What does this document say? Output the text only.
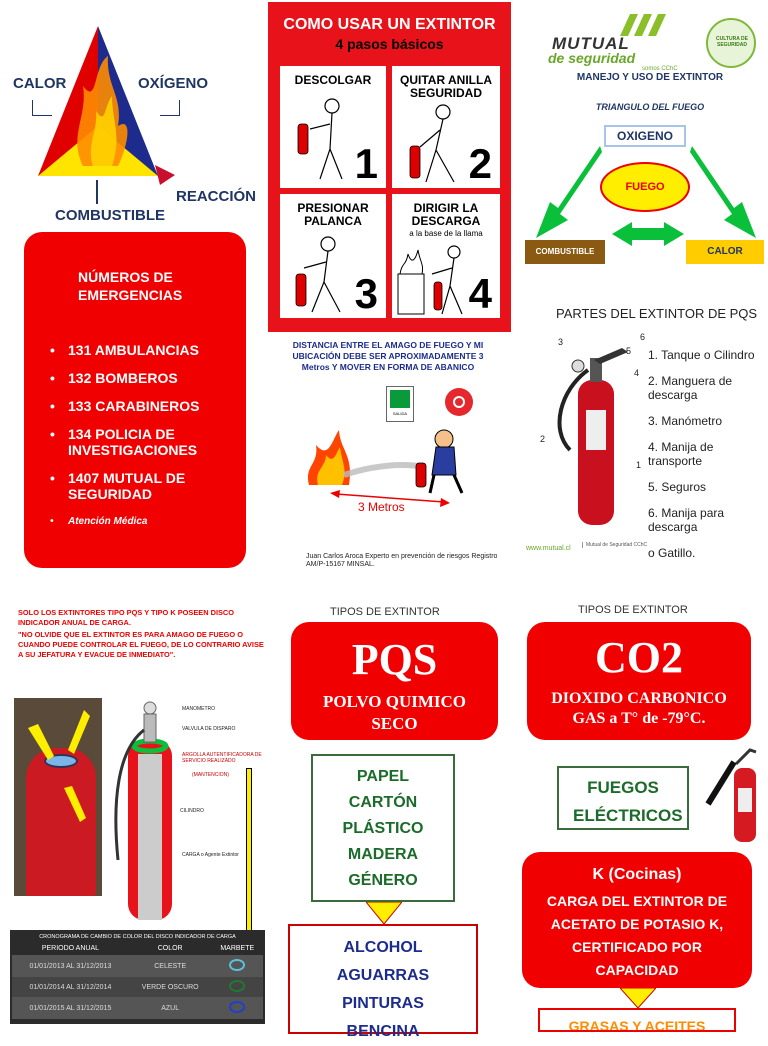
CALOR	OXÍGENO
COMBUSTIBLE
REACCIÓN
NÚMEROS DE EMERGENCIAS
• 131 AMBULANCIAS
• 132 BOMBEROS
• 133 CARABINEROS
• 134 POLICIA DE INVESTIGACIONES
• 1407 MUTUAL DE SEGURIDAD
• Atención Médica
COMO USAR UN EXTINTOR
4 pasos básicos
DESCOLGAR
1
QUITAR ANILLA SEGURIDAD
2
PRESIONAR PALANCA
3
DIRIGIR LA DESCARGA
a la base de la llama
4
DISTANCIA ENTRE EL AMAGO DE FUEGO Y MI UBICACIÓN DEBE SER APROXIMADAMENTE 3 Metros Y MOVER EN FORMA DE ABANICO
SALIDA
3 Metros
Juan Carlos Aroca Experto en prevención de riesgos Registro AM/P-15167 MINSAL.
MUTUAL
de seguridad
somos CChC
CULTURA DE SEGURIDAD
MANEJO Y USO DE EXTINTOR
TRIANGULO DEL FUEGO
OXIGENO
FUEGO
COMBUSTIBLE	CALOR
PARTES DEL EXTINTOR DE PQS
3	6
5
4
2
1
1. Tanque o Cilindro
2. Manguera de descarga
3. Manómetro
4. Manija de transporte
5. Seguros
6. Manija para descarga
o Gatillo.
www.mutual.cl	Mutual de Seguridad CChC
SOLO LOS EXTINTORES TIPO PQS Y TIPO K POSEEN DISCO INDICADOR ANUAL DE CARGA.
"NO OLVIDE QUE EL EXTINTOR ES PARA AMAGO DE FUEGO O CUANDO PUEDE CONTROLAR EL FUEGO, DE LO CONTRARIO AVISE A SU JEFATURA Y EVACUE DE INMEDIATO".
MANOMETRO
VALVULA DE DISPARO
ARGOLLA AUTENTIFICADORA DE SERVICIO REALIZADO
(MANTENCION)
CILINDRO
CARGA o Agente Extintor
CRONOGRAMA DE CAMBIO DE COLOR DEL DISCO INDICADOR DE CARGA
PERIODO ANUAL	COLOR	MARBETE
01/01/2013 AL 31/12/2013	CELESTE	
01/01/2014 AL 31/12/2014	VERDE OSCURO	
01/01/2015 AL 31/12/2015	AZUL	
TIPOS DE EXTINTOR
PQS
POLVO QUIMICO SECO
PAPEL
CARTÓN
PLÁSTICO
MADERA
GÉNERO
ALCOHOL
AGUARRAS
PINTURAS
BENCINA
TIPOS DE EXTINTOR
CO2
DIOXIDO CARBONICO GAS a T° de -79°C.
FUEGOS ELÉCTRICOS
K (Cocinas)
CARGA DEL EXTINTOR DE ACETATO DE POTASIO K, CERTIFICADO POR CAPACIDAD
GRASAS Y ACEITES
